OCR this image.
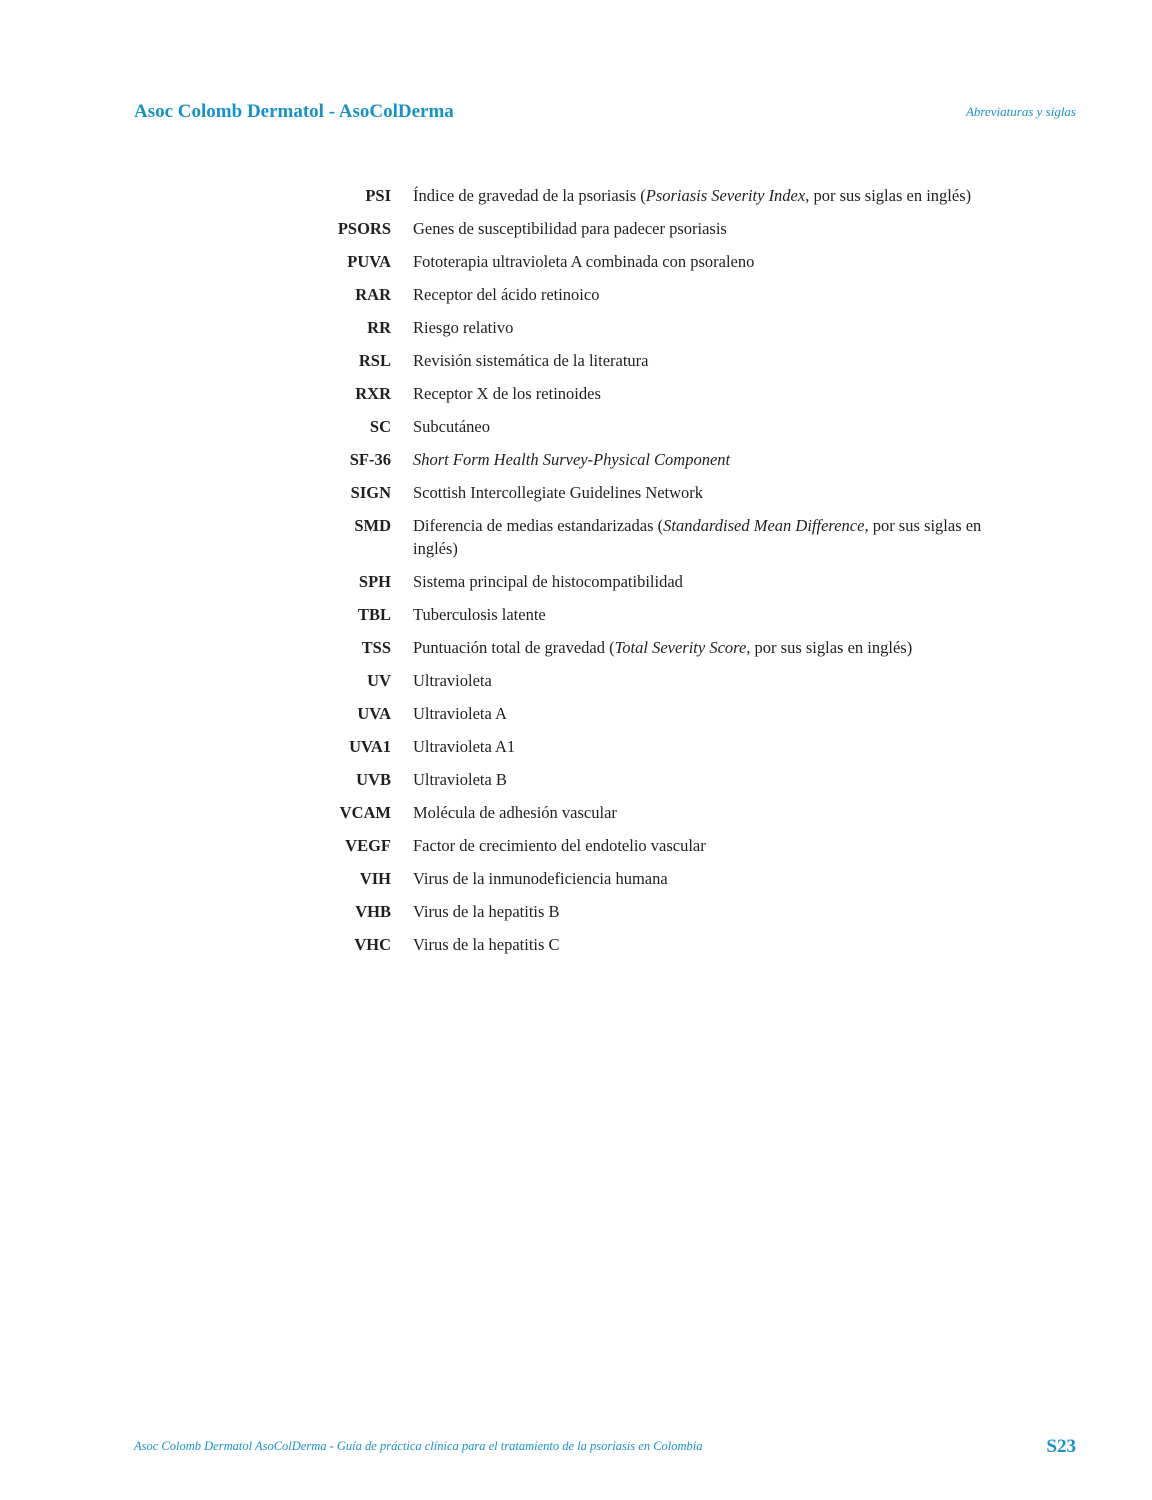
Asoc Colomb Dermatol - AsoColDerma	Abreviaturas y siglas
PSI	Índice de gravedad de la psoriasis (Psoriasis Severity Index, por sus siglas en inglés)
PSORS	Genes de susceptibilidad para padecer psoriasis
PUVA	Fototerapia ultravioleta A combinada con psoraleno
RAR	Receptor del ácido retinoico
RR	Riesgo relativo
RSL	Revisión sistemática de la literatura
RXR	Receptor X de los retinoides
SC	Subcutáneo
SF-36	Short Form Health Survey-Physical Component
SIGN	Scottish Intercollegiate Guidelines Network
SMD	Diferencia de medias estandarizadas (Standardised Mean Difference, por sus siglas en inglés)
SPH	Sistema principal de histocompatibilidad
TBL	Tuberculosis latente
TSS	Puntuación total de gravedad (Total Severity Score, por sus siglas en inglés)
UV	Ultravioleta
UVA	Ultravioleta A
UVA1	Ultravioleta A1
UVB	Ultravioleta B
VCAM	Molécula de adhesión vascular
VEGF	Factor de crecimiento del endotelio vascular
VIH	Virus de la inmunodeficiencia humana
VHB	Virus de la hepatitis B
VHC	Virus de la hepatitis C
Asoc Colomb Dermatol AsoColDerma - Guía de práctica clínica para el tratamiento de la psoriasis en Colombia	S23
